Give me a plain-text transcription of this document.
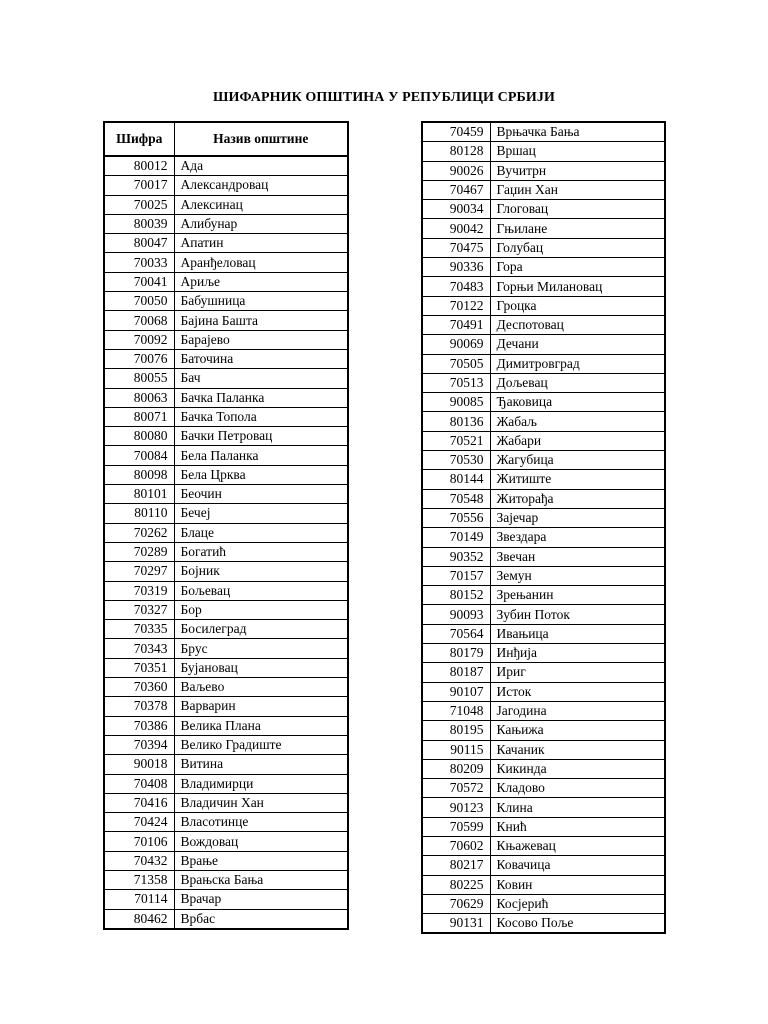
ШИФАРНИК ОПШТИНА У РЕПУБЛИЦИ СРБИЈИ
Шифра	Назив општине
80012	Ада
70017	Александровац
70025	Алексинац
80039	Алибунар
80047	Апатин
70033	Аранђеловац
70041	Ариље
70050	Бабушница
70068	Бајина Башта
70092	Барајево
70076	Баточина
80055	Бач
80063	Бачка Паланка
80071	Бачка Топола
80080	Бачки Петровац
70084	Бела Паланка
80098	Бела Црква
80101	Беочин
80110	Бечеј
70262	Блаце
70289	Богатић
70297	Бојник
70319	Бољевац
70327	Бор
70335	Босилеград
70343	Брус
70351	Бујановац
70360	Ваљево
70378	Варварин
70386	Велика Плана
70394	Велико Градиште
90018	Витина
70408	Владимирци
70416	Владичин Хан
70424	Власотинце
70106	Вождовац
70432	Врање
71358	Врањска Бања
70114	Врачар
80462	Врбас
70459	Врњачка Бања
80128	Вршац
90026	Вучитрн
70467	Гаџин Хан
90034	Глоговац
90042	Гњилане
70475	Голубац
90336	Гора
70483	Горњи Милановац
70122	Гроцка
70491	Деспотовац
90069	Дечани
70505	Димитровград
70513	Дољевац
90085	Ђаковица
80136	Жабаљ
70521	Жабари
70530	Жагубица
80144	Житиште
70548	Житорађа
70556	Зајечар
70149	Звездара
90352	Звечан
70157	Земун
80152	Зрењанин
90093	Зубин Поток
70564	Ивањица
80179	Инђија
80187	Ириг
90107	Исток
71048	Јагодина
80195	Кањижа
90115	Качаник
80209	Кикинда
70572	Кладово
90123	Клина
70599	Кнић
70602	Књажевац
80217	Ковачица
80225	Ковин
70629	Косјерић
90131	Косово Поље
